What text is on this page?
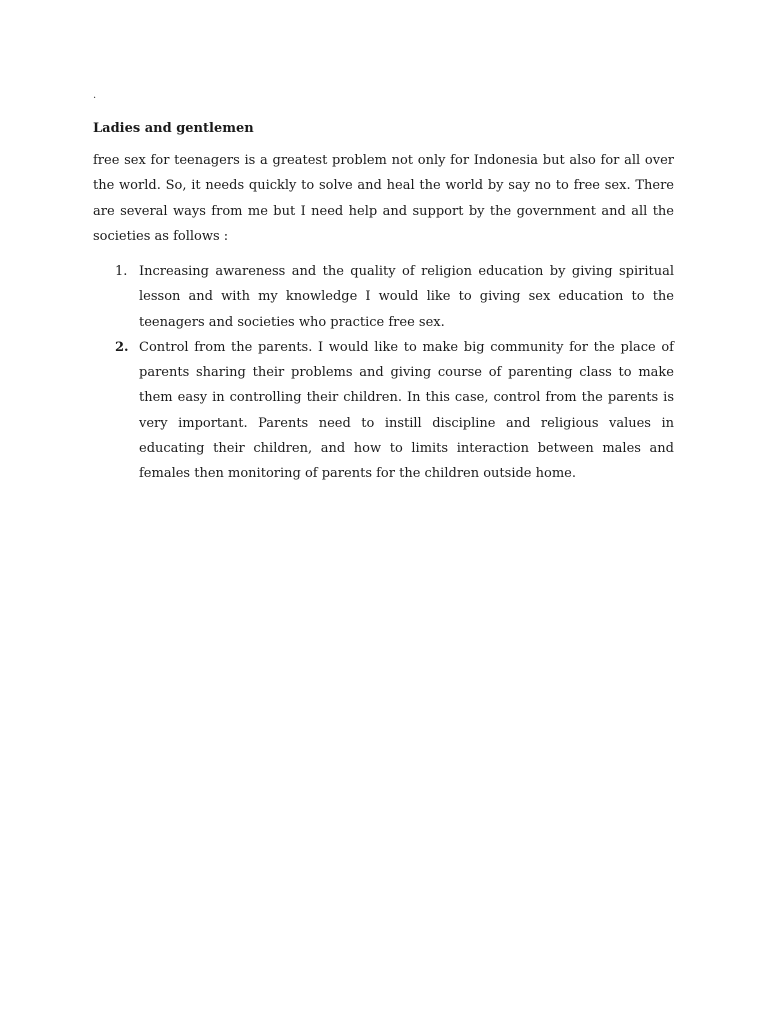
.
Ladies and gentlemen

free sex for teenagers is a greatest problem not only for Indonesia but also for all over the world. So, it needs quickly to solve and heal the world by say no to free sex. There are several ways from me but I need help and support by the government and all the societies as follows :

1. Increasing awareness and the quality of religion education by giving spiritual lesson and with my knowledge I would like to giving sex education to the teenagers and societies who practice free sex.
2. Control from the parents. I would like to make big community for the place of parents sharing their problems and giving course of parenting class to make them easy in controlling their children. In this case, control from the parents is very important. Parents need to instill discipline and religious values in educating their children, and how to limits interaction between males and females then monitoring of parents for the children outside home.
